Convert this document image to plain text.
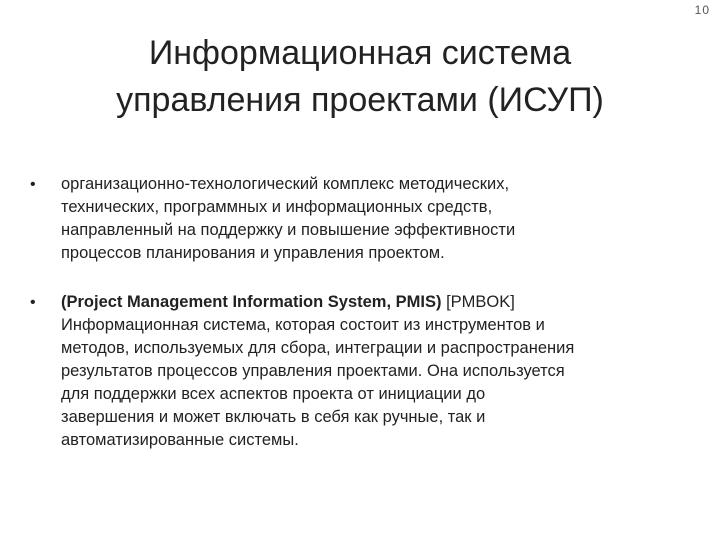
10
Информационная система
управления проектами (ИСУП)
• организационно-технологический комплекс методических,
технических, программных и информационных средств,
направленный на поддержку и повышение эффективности
процессов планирования и управления проектом.
• (Project Management Information System, PMIS) [PMBOK]
Информационная система, которая состоит из инструментов и
методов, используемых для сбора, интеграции и распространения
результатов процессов управления проектами. Она используется
для поддержки всех аспектов проекта от инициации до
завершения и может включать в себя как ручные, так и
автоматизированные системы.
